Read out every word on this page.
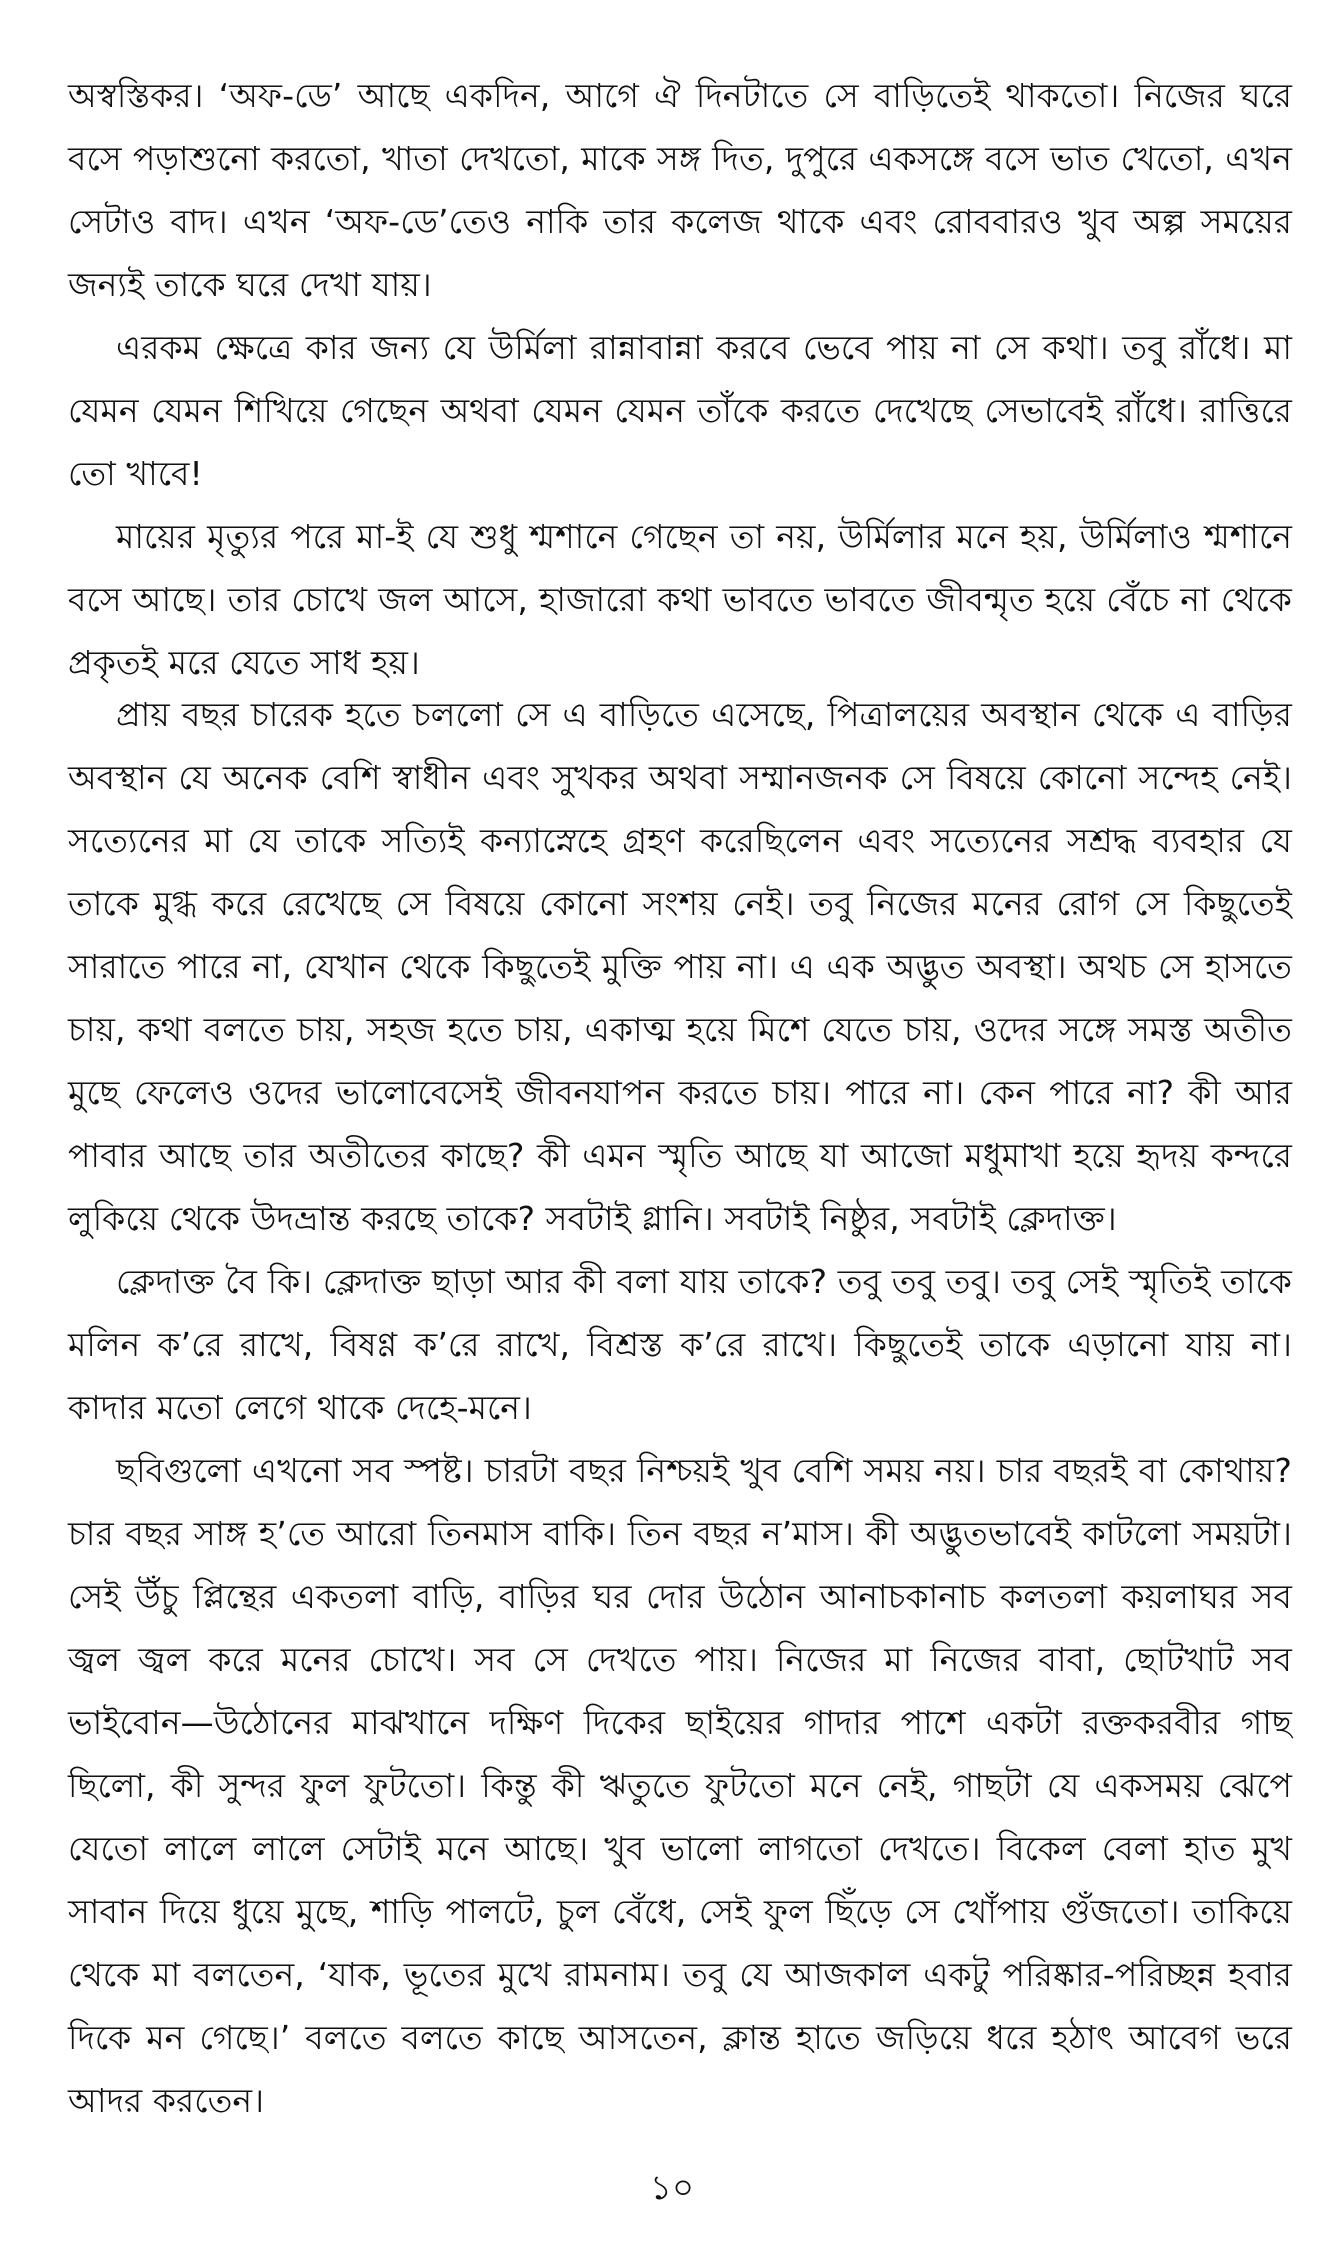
অস্বস্তিকর। ‘অফ-ডে’ আছে একদিন, আগে ঐ দিনটাতে সে বাড়িতেই থাকতো। নিজের ঘরে বসে পড়াশুনো করতো, খাতা দেখতো, মাকে সঙ্গ দিত, দুপুরে একসঙ্গে বসে ভাত খেতো, এখন সেটাও বাদ। এখন ‘অফ-ডে’তেও নাকি তার কলেজ থাকে এবং রোববারও খুব অল্প সময়ের জন্যই তাকে ঘরে দেখা যায়।

এরকম ক্ষেত্রে কার জন্য যে উর্মিলা রান্নাবান্না করবে ভেবে পায় না সে কথা। তবু রাঁধে। মা যেমন যেমন শিখিয়ে গেছেন অথবা যেমন যেমন তাঁকে করতে দেখেছে সেভাবেই রাঁধে। রাত্তিরে তো খাবে!

মায়ের মৃত্যুর পরে মা-ই যে শুধু শ্মশানে গেছেন তা নয়, উর্মিলার মনে হয়, উর্মিলাও শ্মশানে বসে আছে। তার চোখে জল আসে, হাজারো কথা ভাবতে ভাবতে জীবন্মৃত হয়ে বেঁচে না থেকে প্রকৃতই মরে যেতে সাধ হয়।

প্রায় বছর চারেক হতে চললো সে এ বাড়িতে এসেছে, পিত্রালয়ের অবস্থান থেকে এ বাড়ির অবস্থান যে অনেক বেশি স্বাধীন এবং সুখকর অথবা সম্মানজনক সে বিষয়ে কোনো সন্দেহ নেই। সত্যেনের মা যে তাকে সত্যিই কন্যাস্নেহে গ্রহণ করেছিলেন এবং সত্যেনের সশ্রদ্ধ ব্যবহার যে তাকে মুগ্ধ করে রেখেছে সে বিষয়ে কোনো সংশয় নেই। তবু নিজের মনের রোগ সে কিছুতেই সারাতে পারে না, যেখান থেকে কিছুতেই মুক্তি পায় না। এ এক অদ্ভুত অবস্থা। অথচ সে হাসতে চায়, কথা বলতে চায়, সহজ হতে চায়, একাত্ম হয়ে মিশে যেতে চায়, ওদের সঙ্গে সমস্ত অতীত মুছে ফেলেও ওদের ভালোবেসেই জীবনযাপন করতে চায়। পারে না। কেন পারে না? কী আর পাবার আছে তার অতীতের কাছে? কী এমন স্মৃতি আছে যা আজো মধুমাখা হয়ে হৃদয় কন্দরে লুকিয়ে থেকে উদভ্রান্ত করছে তাকে? সবটাই গ্লানি। সবটাই নিষ্ঠুর, সবটাই ক্লেদাক্ত।

ক্লেদাক্ত বৈ কি। ক্লেদাক্ত ছাড়া আর কী বলা যায় তাকে? তবু তবু তবু। তবু সেই স্মৃতিই তাকে মলিন ক’রে রাখে, বিষণ্ণ ক’রে রাখে, বিশ্রস্ত ক’রে রাখে। কিছুতেই তাকে এড়ানো যায় না। কাদার মতো লেগে থাকে দেহে-মনে।

ছবিগুলো এখনো সব স্পষ্ট। চারটা বছর নিশ্চয়ই খুব বেশি সময় নয়। চার বছরই বা কোথায়? চার বছর সাঙ্গ হ’তে আরো তিনমাস বাকি। তিন বছর ন’মাস। কী অদ্ভুতভাবেই কাটলো সময়টা। সেই উঁচু প্লিন্থের একতলা বাড়ি, বাড়ির ঘর দোর উঠোন আনাচকানাচ কলতলা কয়লাঘর সব জ্বল জ্বল করে মনের চোখে। সব সে দেখতে পায়। নিজের মা নিজের বাবা, ছোটখাট সব ভাইবোন—উঠোনের মাঝখানে দক্ষিণ দিকের ছাইয়ের গাদার পাশে একটা রক্তকরবীর গাছ ছিলো, কী সুন্দর ফুল ফুটতো। কিন্তু কী ঋতুতে ফুটতো মনে নেই, গাছটা যে একসময় ঝেপে যেতো লালে লালে সেটাই মনে আছে। খুব ভালো লাগতো দেখতে। বিকেল বেলা হাত মুখ সাবান দিয়ে ধুয়ে মুছে, শাড়ি পালটে, চুল বেঁধে, সেই ফুল ছিঁড়ে সে খোঁপায় গুঁজতো। তাকিয়ে থেকে মা বলতেন, ‘যাক, ভূতের মুখে রামনাম। তবু যে আজকাল একটু পরিষ্কার-পরিচ্ছন্ন হবার দিকে মন গেছে।’ বলতে বলতে কাছে আসতেন, ক্লান্ত হাতে জড়িয়ে ধরে হঠাৎ আবেগ ভরে আদর করতেন।

১০
